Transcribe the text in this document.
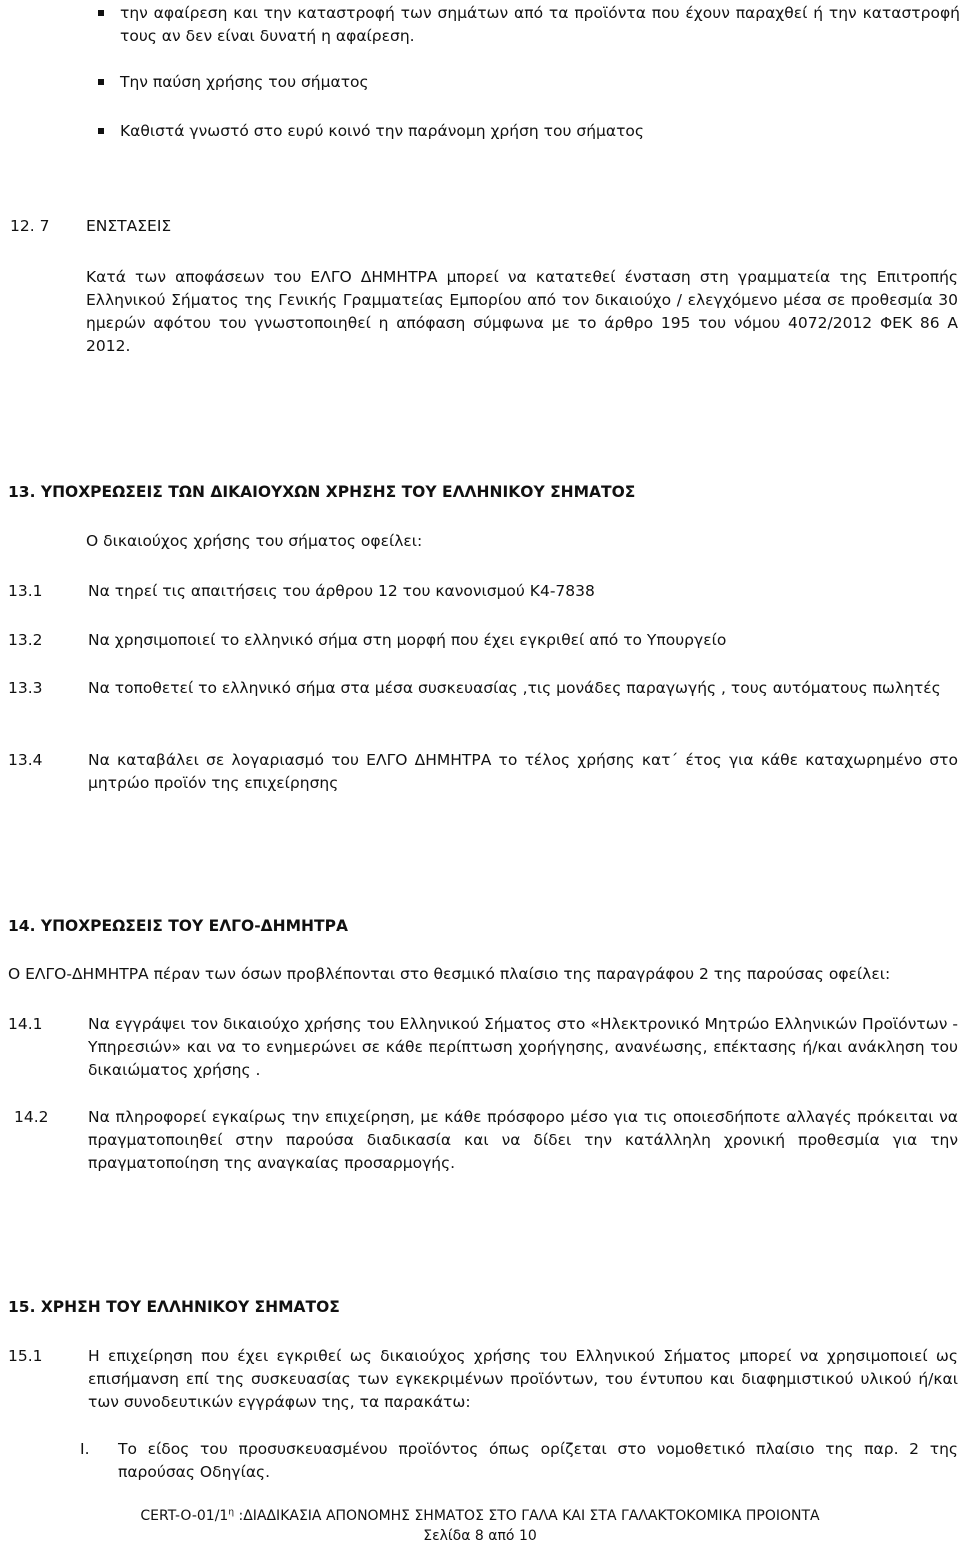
την αφαίρεση και την καταστροφή των σημάτων από τα προϊόντα που έχουν παραχθεί ή την καταστροφή τους αν δεν είναι δυνατή η αφαίρεση.
Την παύση χρήσης του σήματος
Καθιστά γνωστό στο ευρύ κοινό την παράνομη χρήση του σήματος
12. 7 ΕΝΣΤΑΣΕΙΣ
Κατά των αποφάσεων του ΕΛΓΟ ΔΗΜΗΤΡΑ μπορεί να κατατεθεί ένσταση στη γραμματεία της Επιτροπής Ελληνικού Σήματος της Γενικής Γραμματείας Εμπορίου από τον δικαιούχο / ελεγχόμενο μέσα σε προθεσμία 30 ημερών αφότου του γνωστοποιηθεί η απόφαση σύμφωνα με το άρθρο 195 του νόμου 4072/2012 ΦΕΚ 86 Α 2012.
13. ΥΠΟΧΡΕΩΣΕΙΣ ΤΩΝ ΔΙΚΑΙΟΥΧΩΝ ΧΡΗΣΗΣ ΤΟΥ ΕΛΛΗΝΙΚΟΥ ΣΗΜΑΤΟΣ
Ο δικαιούχος χρήσης του σήματος οφείλει:
13.1	Να τηρεί τις απαιτήσεις του άρθρου 12 του κανονισμού Κ4-7838
13.2	Να χρησιμοποιεί το ελληνικό σήμα στη μορφή που έχει εγκριθεί από το Υπουργείο
13.3	Να τοποθετεί το ελληνικό σήμα στα μέσα συσκευασίας ,τις μονάδες παραγωγής , τους αυτόματους πωλητές
13.4	Να καταβάλει σε λογαριασμό του ΕΛΓΟ ΔΗΜΗΤΡΑ το τέλος χρήσης κατ΄ έτος για κάθε καταχωρημένο στο μητρώο προϊόν της επιχείρησης
14. ΥΠΟΧΡΕΩΣΕΙΣ ΤΟΥ ΕΛΓΟ-ΔΗΜΗΤΡΑ
Ο ΕΛΓΟ-ΔΗΜΗΤΡΑ πέραν των όσων προβλέπονται στο θεσμικό πλαίσιο της παραγράφου 2 της παρούσας οφείλει:
14.1	Να εγγράψει τον δικαιούχο χρήσης του Ελληνικού Σήματος στο «Ηλεκτρονικό Μητρώο Ελληνικών Προϊόντων - Υπηρεσιών» και να το ενημερώνει σε κάθε περίπτωση χορήγησης, ανανέωσης, επέκτασης ή/και ανάκληση του δικαιώματος χρήσης .
14.2	Να πληροφορεί εγκαίρως την επιχείρηση, με κάθε πρόσφορο μέσο για τις οποιεσδήποτε αλλαγές πρόκειται να πραγματοποιηθεί στην παρούσα διαδικασία και να δίδει την κατάλληλη χρονική προθεσμία για την πραγματοποίηση της αναγκαίας προσαρμογής.
15. ΧΡΗΣΗ ΤΟΥ ΕΛΛΗΝΙΚΟΥ ΣΗΜΑΤΟΣ
15.1	Η επιχείρηση που έχει εγκριθεί ως δικαιούχος χρήσης του Ελληνικού Σήματος μπορεί να χρησιμοποιεί ως επισήμανση επί της συσκευασίας των εγκεκριμένων προϊόντων, του έντυπου και διαφημιστικού υλικού ή/και των συνοδευτικών εγγράφων της, τα παρακάτω:
I. Το είδος του προσυσκευασμένου προϊόντος όπως ορίζεται στο νομοθετικό πλαίσιο της παρ. 2 της παρούσας Οδηγίας.
CERT-$O-01/1^\eta$ :ΔΙΑΔΙΚΑΣΙΑ ΑΠΟΝΟΜΗΣ ΣΗΜΑΤΟΣ ΣΤΟ ΓΑΛΑ ΚΑΙ ΣΤΑ ΓΑΛΑΚΤΟΚΟΜΙΚΑ ΠΡΟΙΟΝΤΑ
Σελίδα 8 από 10
